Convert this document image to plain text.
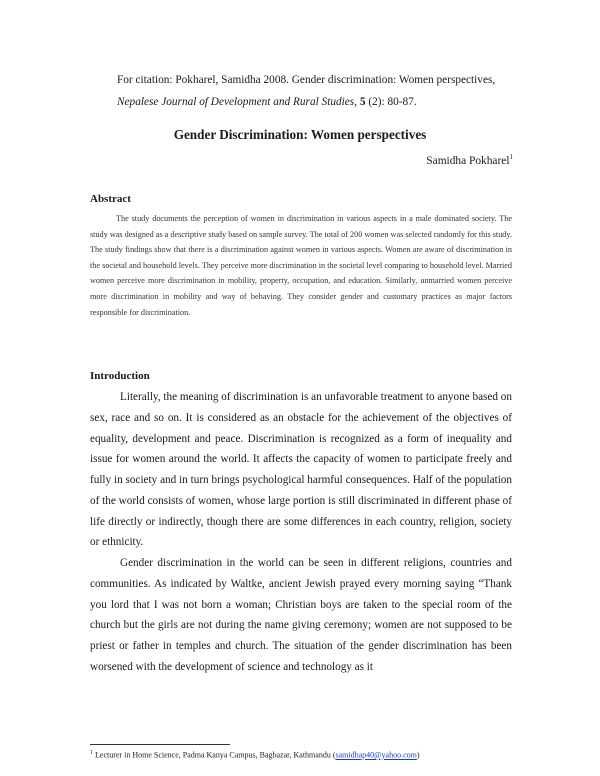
For citation: Pokharel, Samidha 2008. Gender discrimination: Women perspectives,
Nepalese Journal of Development and Rural Studies, 5 (2): 80-87.
Gender Discrimination: Women perspectives
Samidha Pokharel$^1$
Abstract
The study documents the perception of women in discrimination in various aspects in a male dominated society. The study was designed as a descriptive study based on sample survey. The total of 200 women was selected randomly for this study. The study findings show that there is a discrimination against women in various aspects. Women are aware of discrimination in the societal and household levels. They perceive more discrimination in the societal level comparing to household level. Married women perceive more discrimination in mobility, property, occupation, and education. Similarly, unmarried women perceive more discrimination in mobility and way of behaving. They consider gender and customary practices as major factors responsible for discrimination.
Introduction

Literally, the meaning of discrimination is an unfavorable treatment to anyone based on sex, race and so on. It is considered as an obstacle for the achievement of the objectives of equality, development and peace. Discrimination is recognized as a form of inequality and issue for women around the world. It affects the capacity of women to participate freely and fully in society and in turn brings psychological harmful consequences. Half of the population of the world consists of women, whose large portion is still discriminated in different phase of life directly or indirectly, though there are some differences in each country, religion, society or ethnicity.

Gender discrimination in the world can be seen in different religions, countries and communities. As indicated by Waltke, ancient Jewish prayed every morning saying “Thank you lord that I was not born a woman; Christian boys are taken to the special room of the church but the girls are not during the name giving ceremony; women are not supposed to be priest or father in temples and church. The situation of the gender discrimination has been worsened with the development of science and technology as it

$^1$ Lecturer in Home Science, Padma Kanya Campus, Bagbazar, Kathmandu (samidhap40@yahoo.com)
